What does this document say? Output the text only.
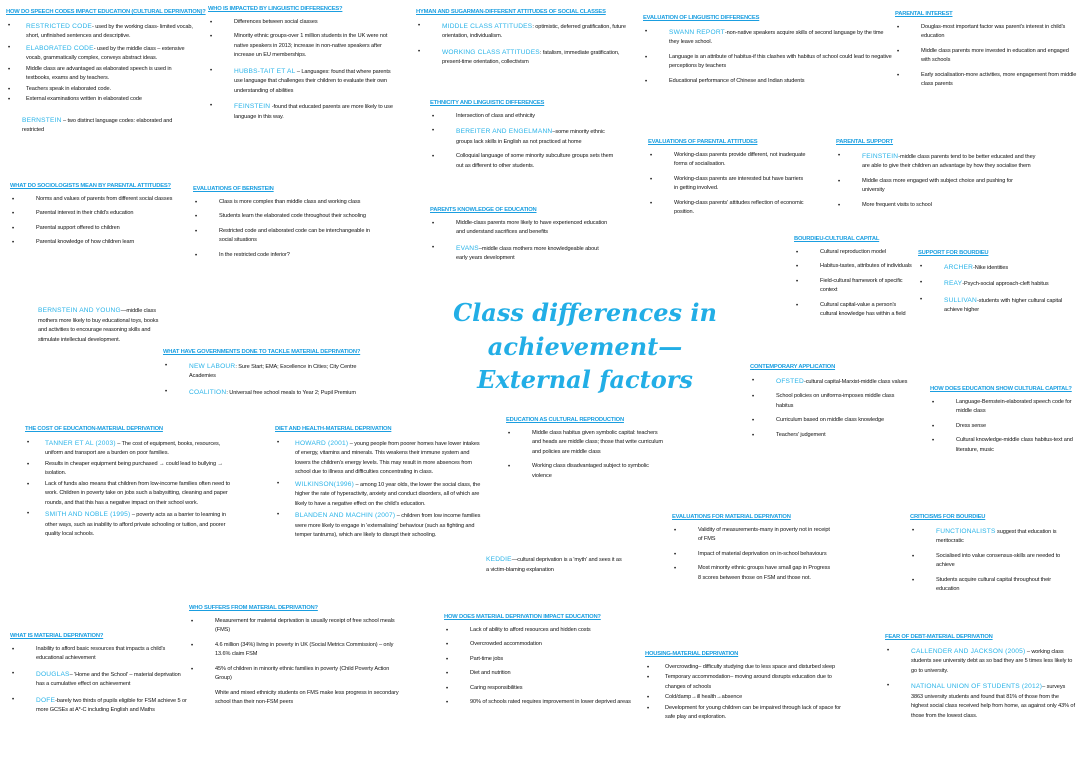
Class differences in achievement—
External factors
HOW DO SPEECH CODES IMPACT EDUCATION (CULTURAL DEPRIVATION)?
• RESTRICTED CODE- used by the working class- limited vocab, short, unfinished sentences and descriptive.
• ELABORATED CODE- used by the middle class – extensive vocab, grammatically complex, conveys abstract ideas.
• Middle class are advantaged as elaborated speech is used in textbooks, exams and by teachers.
• Teachers speak in elaborated code.
• External examinations written in elaborated code
BERNSTEIN – two distinct language codes: elaborated and restricted
WHO IS IMPACTED BY LINGUISTIC DIFFERENCES?
• Differences between social classes
• Minority ethnic groups-over 1 million students in the UK were not native speakers in 2013; increase in non-native speakers after increase un EU memberships.
• HUBBS-TAIT ET AL – Languages: found that where parents use language that challenges their children to evaluate their own understanding of abilities
• FEINSTEIN -found that educated parents are more likely to use language in this way.
HYMAN AND SUGARMAN-DIFFERENT ATTITUDES OF SOCIAL CLASSES
• MIDDLE CLASS ATTITUDES: optimistic, deferred gratification, future orientation, individualism.
• WORKING CLASS ATTITUDES: fatalism, immediate gratification, present-time orientation, collectivism
ETHNICITY AND LINGUISTIC DIFFERENCES
• Intersection of class and ethnicity
• BEREITER AND ENGELMANN–some minority ethnic groups lack skills in English as not practiced at home
• Colloquial language of some minority subculture groups sets them out as different to other students.
PARENTS KNOWLEDGE OF EDUCATION
• Middle-class parents more likely to have experienced education and understand sacrifices and benefits
• EVANS–middle class mothers more knowledgeable about early years development
EVALUATION OF LINGUISTIC DIFFERENCES
• SWANN REPORT-non-native speakers acquire skills of second language by the time they leave school.
• Language is an attribute of habitus-if this clashes with habitus of school could lead to negative perceptions by teachers
• Educational performance of Chinese and Indian students
PARENTAL INTEREST
• Douglas-most important factor was parent's interest in child's education
• Middle class parents more invested in education and engaged with schools
• Early socialisation-more activities, more engagement from middle class parents
EVALUATIONS OF PARENTAL ATTITUDES
• Working-class parents provide different, not inadequate forms of socialisation.
• Working-class parents are interested but have barriers in getting involved.
• Working-class parents' attitudes reflection of economic position.
PARENTAL SUPPORT
• FEINSTEIN-middle class parents tend to be better educated and they are able to give their children an advantage by how they socialise them
• Middle class more engaged with subject choice and pushing for university
• More frequent visits to school
BOURDIEU-CULTURAL CAPITAL
• Cultural reproduction model
• Habitus-tastes, attributes of individuals
• Field-cultural framework of specific context
• Cultural capital-value a person's cultural knowledge has within a field
SUPPORT FOR BOURDIEU
• ARCHER-Nike identities
• REAY-Psych-social approach-cleft habitus
• SULLIVAN-students with higher cultural capital achieve higher
WHAT DO SOCIOLOGISTS MEAN BY PARENTAL ATTITUDES?
• Norms and values of parents from different social classes
• Parental interest in their child's education
• Parental support offered to children
• Parental knowledge of how children learn
EVALUATIONS OF BERNSTEIN
• Class is more complex than middle class and working class
• Students learn the elaborated code throughout their schooling
• Restricted code and elaborated code can be interchangeable in social situations
• In the restricted code inferior?
BERNSTEIN AND YOUNG—middle class mothers more likely to buy educational toys, books and activities to encourage reasoning skills and stimulate intellectual development.
WHAT HAVE GOVERNMENTS DONE TO TACKLE MATERIAL DEPRIVATION?
• NEW LABOUR: Sure Start; EMA; Excellence in Cities; City Centre Academies
• COALITION: Universal free school meals to Year 2; Pupil Premium
CONTEMPORARY APPLICATION
• OFSTED-cultural capital-Marxist-middle class values
• School policies on uniforms-imposes middle class habitus
• Curriculum based on middle class knowledge
• Teachers' judgement
HOW DOES EDUCATION SHOW CULTURAL CAPITAL?
• Language-Bernstein-elaborated speech code for middle class
• Dress sense
• Cultural knowledge-middle class habitus-text and literature, music
THE COST OF EDUCATION-MATERIAL DEPRIVATION
• TANNER ET AL (2003) – The cost of equipment, books, resources, uniform and transport are a burden on poor families.
• Results in cheaper equipment being purchased → could lead to bullying → isolation.
• Lack of funds also means that children from low-income families often need to work. Children in poverty take on jobs such a babysitting, cleaning and paper rounds, and that this has a negative impact on their school work.
• SMITH AND NOBLE (1995) – poverty acts as a barrier to learning in other ways, such as inability to afford private schooling or tuition, and poorer quality local schools.
DIET AND HEALTH-MATERIAL DEPRIVATION
• HOWARD (2001) – young people from poorer homes have lower intakes of energy, vitamins and minerals. This weakens their immune system and lowers the children's energy levels. This may result in more absences from school due to illness and difficulties concentrating in class.
• WILKINSON(1996) – among 10 year olds, the lower the social class, the higher the rate of hyperactivity, anxiety and conduct disorders, all of which are likely to have a negative effect on the child's education.
• BLANDEN AND MACHIN (2007) – children from low income families were more likely to engage in 'externalising' behaviour (such as fighting and temper tantrums), which are likely to disrupt their schooling.
EDUCATION AS CULTURAL REPRODUCTION
• Middle class habitus given symbolic capital: teachers and heads are middle class; those that write curriculum and policies are middle class
• Working class disadvantaged subject to symbolic violence
KEDDIE—cultural deprivation is a 'myth' and sees it as a victim-blaming explanation
EVALUATIONS FOR MATERIAL DEPRIVATION
• Validity of measurements-many in poverty not in receipt of FMS
• Impact of material deprivation on in-school behaviours
• Most minority ethnic groups have small gap in Progress 8 scores between those on FSM and those not.
CRITICISMS FOR BOURDIEU
• FUNCTIONALISTS suggest that education is meritocratic
• Socialised into value consensus-skills are needed to achieve
• Students acquire cultural capital throughout their education
WHAT IS MATERIAL DEPRIVATION?
• Inability to afford basic resources that impacts a child's educational achievement
• DOUGLAS– 'Home and the School' – material deprivation has a cumulative effect on achievement
• DOFE-barely two thirds of pupils eligible for FSM achieve 5 or more GCSEs at A*-C including English and Maths
WHO SUFFERS FROM MATERIAL DEPRIVATION?
• Measurement for material deprivation is usually receipt of free school meals (FMS)
• 4.6 million (34%) living in poverty in UK (Social Metrics Commission) – only 13.6% claim FSM
• 45% of children in minority ethnic families in poverty (Child Poverty Action Group)
White and mixed ethnicity students on FMS make less progress in secondary school than their non-FSM peers
HOW DOES MATERIAL DEPRIVATION IMPACT EDUCATION?
• Lack of ability to afford resources and hidden costs
• Overcrowded accommodation
• Part-time jobs
• Diet and nutrition
• Caring responsibilities
• 90% of schools rated requires improvement in lower deprived areas
HOUSING-MATERIAL DEPRIVATION
• Overcrowding– difficulty studying due to less space and disturbed sleep
• Temporary accommodation– moving around disrupts education due to changes of schools
• Cold/damp→ill health→absence
• Development for young children can be impaired through lack of space for safe play and exploration.
FEAR OF DEBT-MATERIAL DEPRIVATION
• CALLENDER AND JACKSON (2005) – working class students see university debt as so bad they are 5 times less likely to go to university.
• NATIONAL UNION OF STUDENTS (2012)– surveys 3863 university students and found that 81% of those from the highest social class received help from home, as against only 43% of those from the lowest class.
